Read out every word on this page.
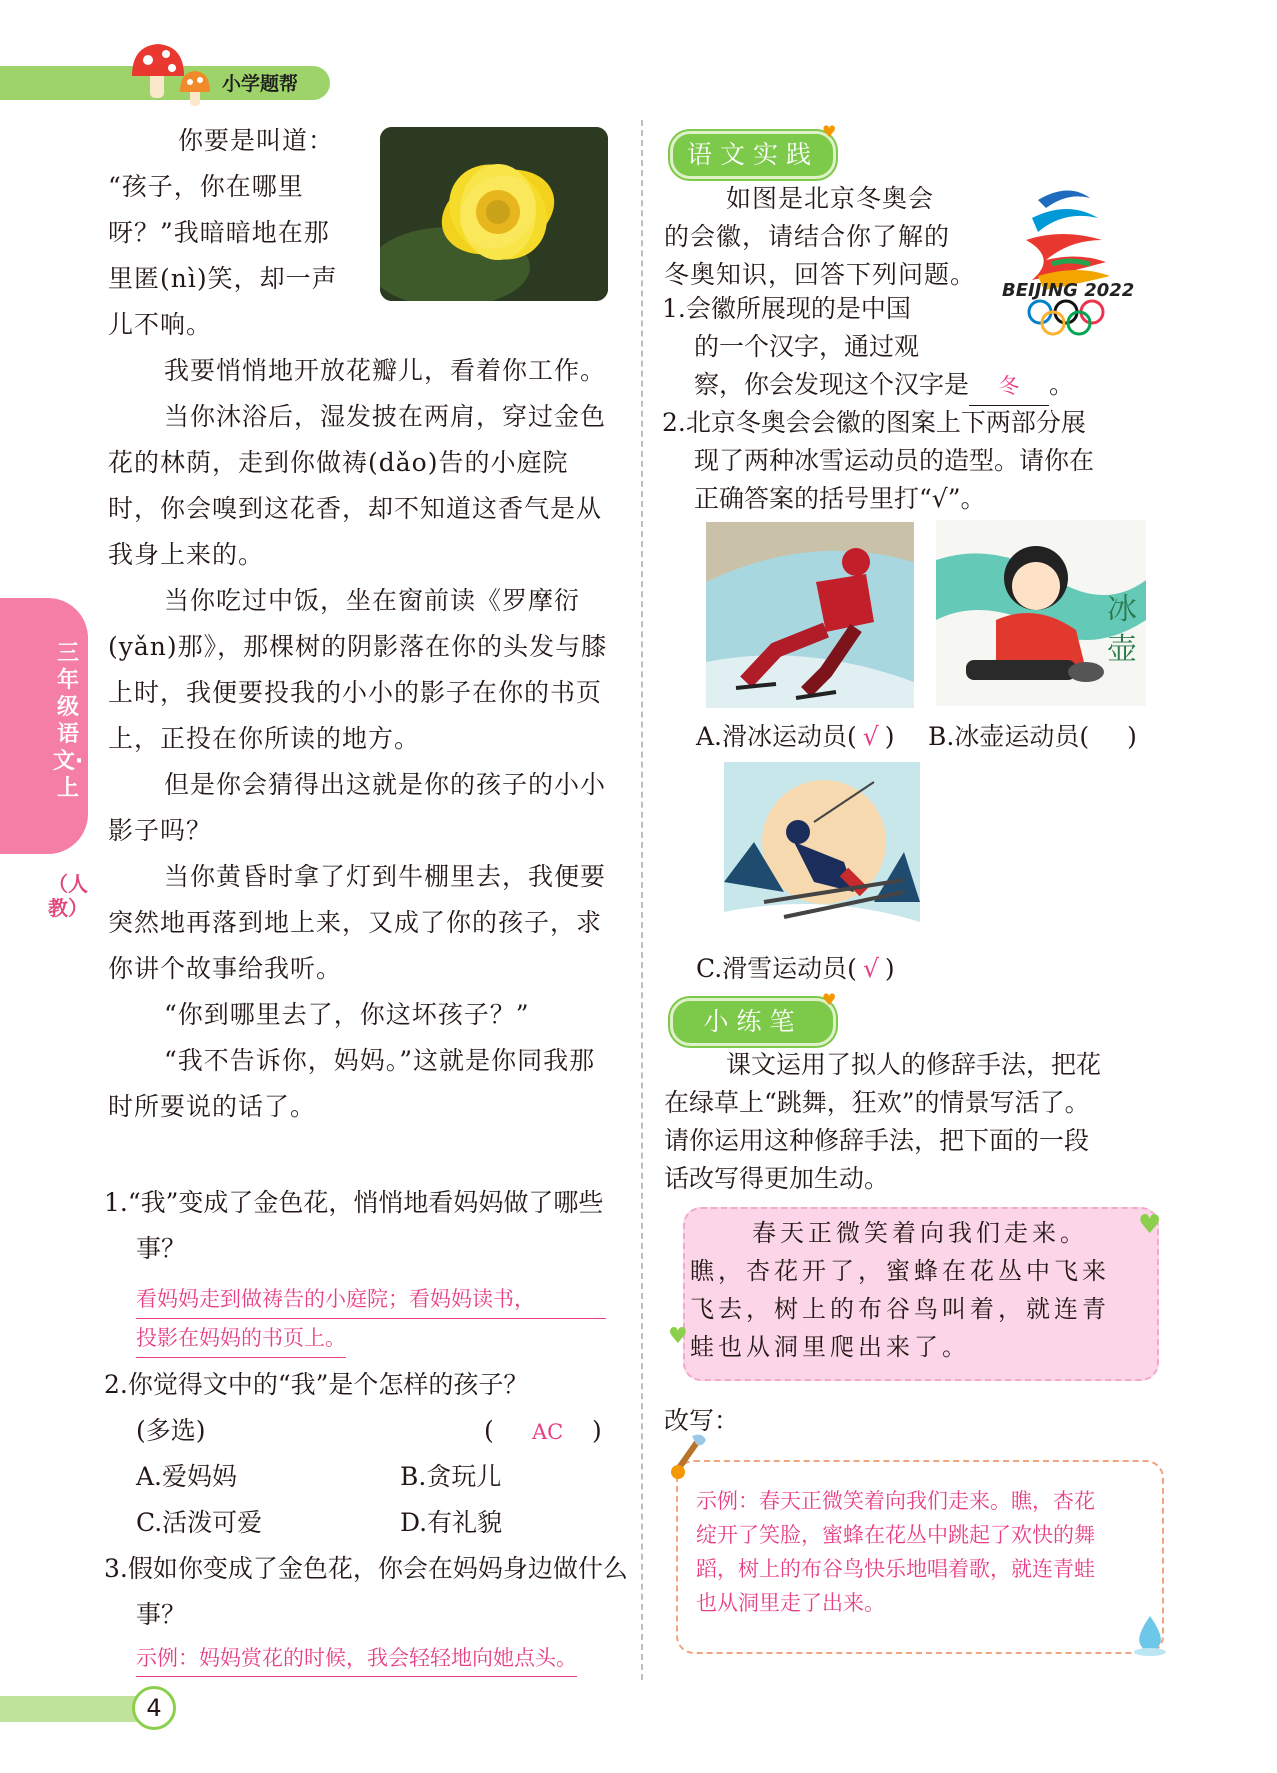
小学题帮
三年级语文·上
（人教）
你要是叫道：
“孩子，你在哪里
呀？”我暗暗地在那
里匿(nì)笑，却一声
儿不响。
我要悄悄地开放花瓣儿，看着你工作。
当你沐浴后，湿发披在两肩，穿过金色花的林荫，走到你做祷(dǎo)告的小庭院时，你会嗅到这花香，却不知道这香气是从我身上来的。
当你吃过中饭，坐在窗前读《罗摩衍(yǎn)那》，那棵树的阴影落在你的头发与膝上时，我便要投我的小小的影子在你的书页上，正投在你所读的地方。
但是你会猜得出这就是你的孩子的小小影子吗？
当你黄昏时拿了灯到牛棚里去，我便要突然地再落到地上来，又成了你的孩子，求你讲个故事给我听。
“你到哪里去了，你这坏孩子？”
“我不告诉你，妈妈。”这就是你同我那时所要说的话了。
1.“我”变成了金色花，悄悄地看妈妈做了哪些事？
看妈妈走到做祷告的小庭院；看妈妈读书，
投影在妈妈的书页上。
2.你觉得文中的“我”是个怎样的孩子？
(多选)	( AC )
A.爱妈妈	B.贪玩儿
C.活泼可爱	D.有礼貌
3.假如你变成了金色花，你会在妈妈身边做什么事？
示例：妈妈赏花的时候，我会轻轻地向她点头。
语文实践
♥
如图是北京冬奥会
的会徽，请结合你了解的
冬奥知识，回答下列问题。
BEIJING 2022
1.会徽所展现的是中国
的一个汉字，通过观
察，你会发现这个汉字是 冬 。
2.北京冬奥会会徽的图案上下两部分展
现了两种冰雪运动员的造型。请你在
正确答案的括号里打“√”。
冰壶
A.滑冰运动员( √ ) B.冰壶运动员( )
C.滑雪运动员( √ )
小练笔
♥
课文运用了拟人的修辞手法，把花
在绿草上“跳舞，狂欢”的情景写活了。
请你运用这种修辞手法，把下面的一段
话改写得更加生动。
♥
♥
春天正微笑着向我们走来。
瞧，杏花开了，蜜蜂在花丛中飞来
飞去，树上的布谷鸟叫着，就连青
蛙也从洞里爬出来了。
改写：
示例：春天正微笑着向我们走来。瞧，杏花
绽开了笑脸，蜜蜂在花丛中跳起了欢快的舞
蹈，树上的布谷鸟快乐地唱着歌，就连青蛙
也从洞里走了出来。
4
